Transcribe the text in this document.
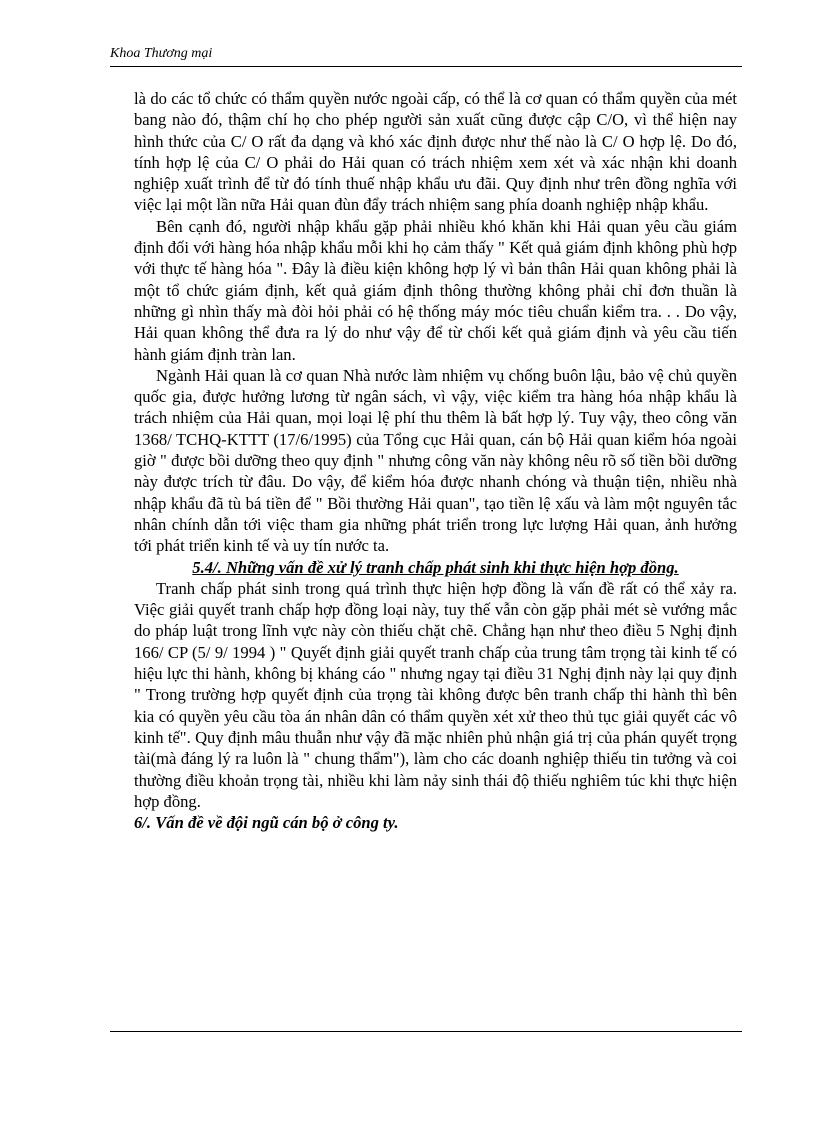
Khoa Thương mại

là do các tổ chức có thẩm quyền nước ngoài cấp, có thể là cơ quan có thẩm quyền của mét bang nào đó, thậm chí họ cho phép người sản xuất cũng được cập C/O, vì thể hiện nay hình thức của C/ O rất đa dạng và khó xác định được như thế nào là C/ O hợp lệ. Do đó, tính hợp lệ của C/ O phải do Hải quan có trách nhiệm xem xét và xác nhận khi doanh nghiệp xuất trình để từ đó tính thuế nhập khẩu ưu đãi. Quy định như trên đồng nghĩa với việc lại một lần nữa Hải quan đùn đẩy trách nhiệm sang phía doanh nghiệp nhập khẩu.

Bên cạnh đó, người nhập khẩu gặp phải nhiều khó khăn khi Hải quan yêu cầu giám định đối với hàng hóa nhập khẩu mỗi khi họ cảm thấy " Kết quả giám định không phù hợp với thực tế hàng hóa ". Đây là điều kiện không hợp lý vì bản thân Hải quan không phải là một tổ chức giám định, kết quả giám định thông thường không phải chỉ đơn thuần là những gì nhìn thấy mà đòi hỏi phải có hệ thống máy móc tiêu chuẩn kiểm tra. . . Do vậy, Hải quan không thể đưa ra lý do như vậy để từ chối kết quả giám định và yêu cầu tiến hành giám định tràn lan.

Ngành Hải quan là cơ quan Nhà nước làm nhiệm vụ chống buôn lậu, bảo vệ chủ quyền quốc gia, được hưởng lương từ ngân sách, vì vậy, việc kiểm tra hàng hóa nhập khẩu là trách nhiệm của Hải quan, mọi loại lệ phí thu thêm là bất hợp lý. Tuy vậy, theo công văn 1368/ TCHQ-KTTT (17/6/1995) của Tổng cục Hải quan, cán bộ Hải quan kiểm hóa ngoài giờ " được bồi dưỡng theo quy định " nhưng công văn này không nêu rõ số tiền bồi dưỡng này được trích từ đâu. Do vậy, để kiểm hóa được nhanh chóng và thuận tiện, nhiều nhà nhập khẩu đã tù bá tiền để " Bồi thường Hải quan", tạo tiền lệ xấu và làm một nguyên tắc nhân chính dẫn tới việc tham gia những phát triển trong lực lượng Hải quan, ảnh hưởng tới phát triển kinh tế và uy tín nước ta.

5.4/. Những vấn đề xử lý tranh chấp phát sinh khi thực hiện hợp đồng.

Tranh chấp phát sinh trong quá trình thực hiện hợp đồng là vấn đề rất có thể xảy ra. Việc giải quyết tranh chấp hợp đồng loại này, tuy thế vẫn còn gặp phải mét sè vướng mắc do pháp luật trong lĩnh vực này còn thiếu chặt chẽ. Chẳng hạn như theo điều 5 Nghị định 166/ CP (5/ 9/ 1994 ) " Quyết định giải quyết tranh chấp của trung tâm trọng tài kinh tế có hiệu lực thi hành, không bị kháng cáo " nhưng ngay tại điều 31 Nghị định này lại quy định " Trong trường hợp quyết định của trọng tài không được bên tranh chấp thi hành thì bên kia có quyền yêu cầu tòa án nhân dân có thẩm quyền xét xử theo thủ tục giải quyết các vô kinh tế". Quy định mâu thuẫn như vậy đã mặc nhiên phủ nhận giá trị của phán quyết trọng tài(mà đáng lý ra luôn là " chung thẩm"), làm cho các doanh nghiệp thiếu tin tưởng và coi thường điều khoản trọng tài, nhiều khi làm nảy sinh thái độ thiếu nghiêm túc khi thực hiện hợp đồng.

6/. Vấn đề về đội ngũ cán bộ ở công ty.
